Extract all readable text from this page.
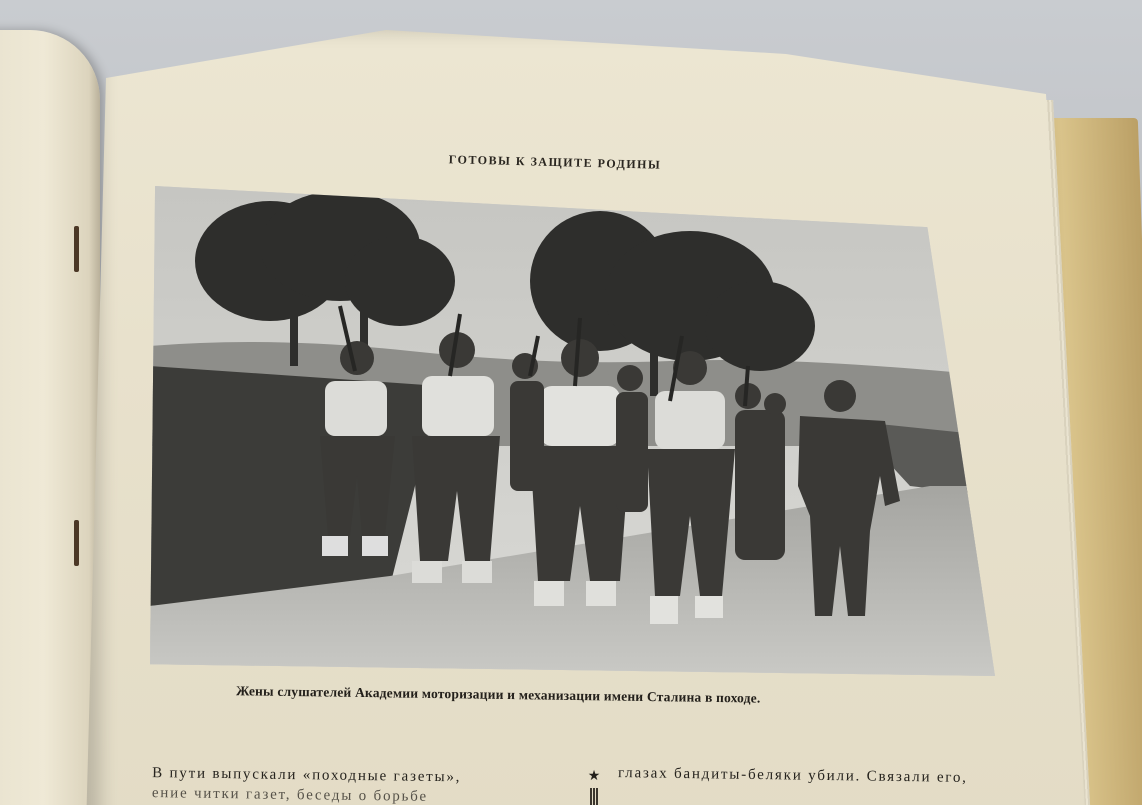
ГОТОВЫ К ЗАЩИТЕ РОДИНЫ
Жены слушателей Академии моторизации и механизации имени Сталина в походе.
В пути выпускали «походные газеты»,
ение читки газет, беседы о борьбе
★ глазах бандиты-беляки убили. Связали его,
